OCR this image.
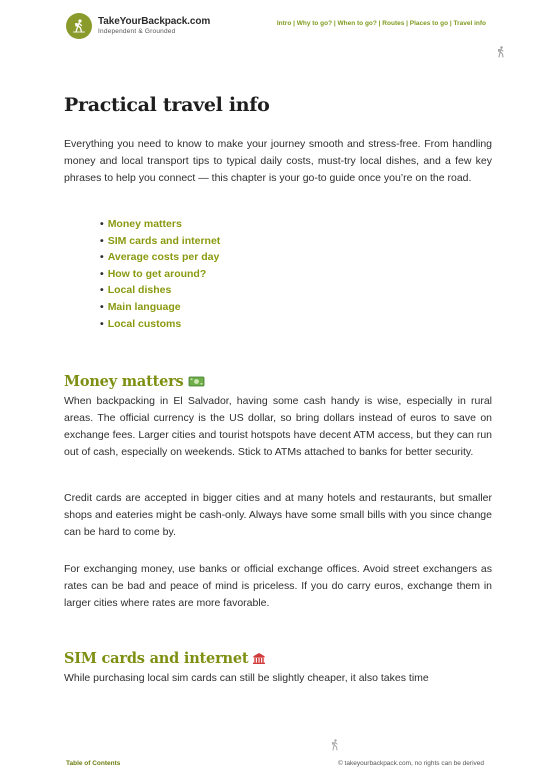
TakeYourBackpack.com
Independent & Grounded
Intro | Why to go? | When to go? | Routes | Places to go | Travel info
Practical travel info

Everything you need to know to make your journey smooth and stress-free. From handling money and local transport tips to typical daily costs, must-try local dishes, and a few key phrases to help you connect — this chapter is your go-to guide once you’re on the road.

• Money matters
• SIM cards and internet
• Average costs per day
• How to get around?
• Local dishes
• Main language
• Local customs
Money matters

When backpacking in El Salvador, having some cash handy is wise, especially in rural areas. The official currency is the US dollar, so bring dollars instead of euros to save on exchange fees. Larger cities and tourist hotspots have decent ATM access, but they can run out of cash, especially on weekends. Stick to ATMs attached to banks for better security.

Credit cards are accepted in bigger cities and at many hotels and restaurants, but smaller shops and eateries might be cash-only. Always have some small bills with you since change can be hard to come by.

For exchanging money, use banks or official exchange offices. Avoid street exchangers as rates can be bad and peace of mind is priceless. If you do carry euros, exchange them in larger cities where rates are more favorable.

SIM cards and internet

While purchasing local sim cards can still be slightly cheaper, it also takes time

Table of Contents	© takeyourbackpack.com, no rights can be derived
